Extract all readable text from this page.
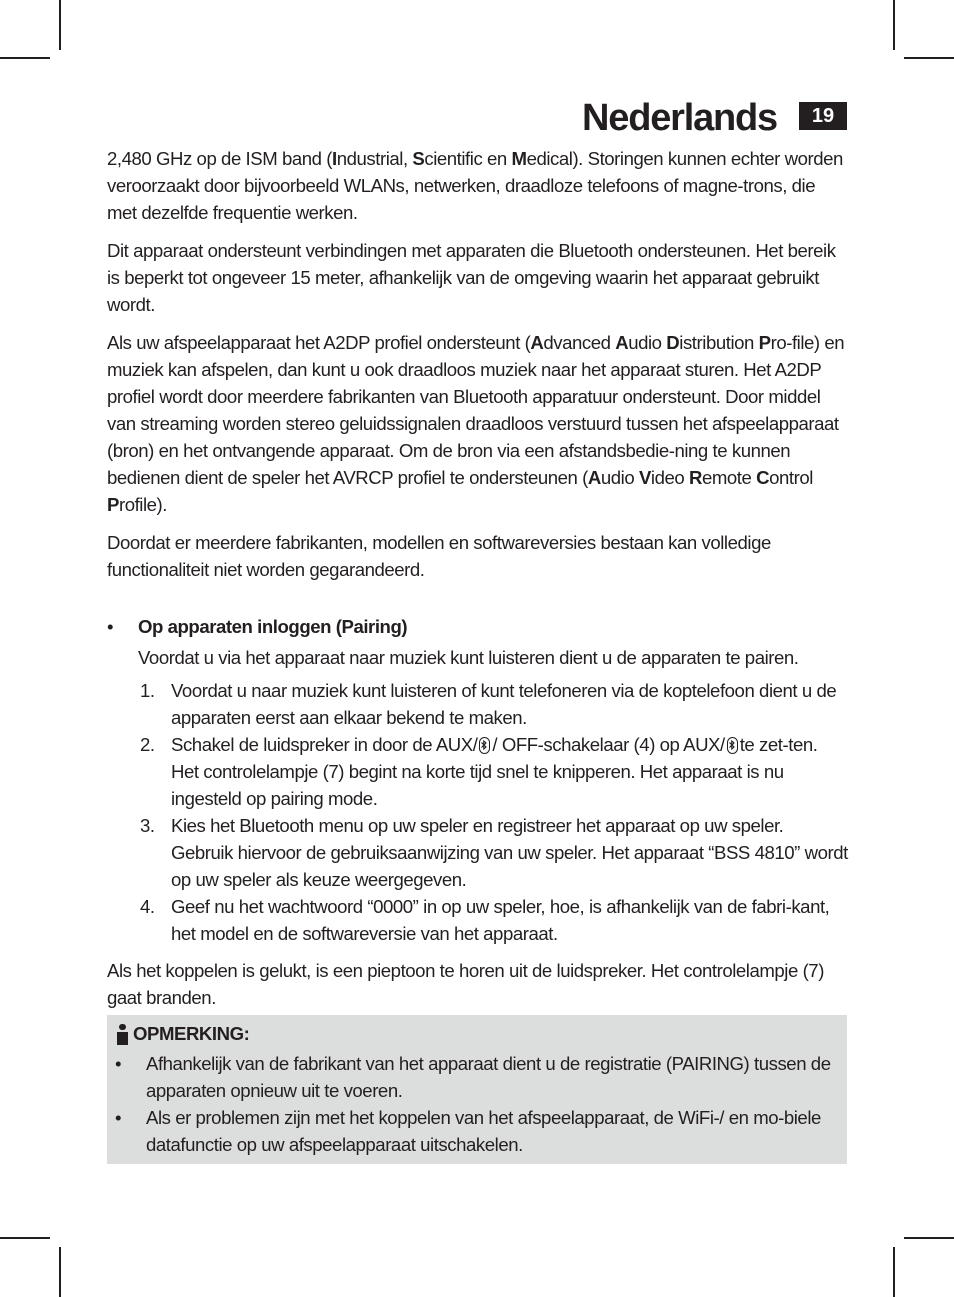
Nederlands	19

2,480 GHz op de ISM band (Industrial, Scientific en Medical). Storingen kunnen echter worden veroorzaakt door bijvoorbeeld WLANs, netwerken, draadloze telefoons of magne-trons, die met dezelfde frequentie werken.

Dit apparaat ondersteunt verbindingen met apparaten die Bluetooth ondersteunen. Het bereik is beperkt tot ongeveer 15 meter, afhankelijk van de omgeving waarin het apparaat gebruikt wordt.

Als uw afspeelapparaat het A2DP profiel ondersteunt (Advanced Audio Distribution Pro-file) en muziek kan afspelen, dan kunt u ook draadloos muziek naar het apparaat sturen. Het A2DP profiel wordt door meerdere fabrikanten van Bluetooth apparatuur ondersteunt. Door middel van streaming worden stereo geluidssignalen draadloos verstuurd tussen het afspeelapparaat (bron) en het ontvangende apparaat. Om de bron via een afstandsbedie-ning te kunnen bedienen dient de speler het AVRCP profiel te ondersteunen (Audio Video Remote Control Profile).

Doordat er meerdere fabrikanten, modellen en softwareversies bestaan kan volledige functionaliteit niet worden gegarandeerd.

•	Op apparaten inloggen (Pairing)
Voordat u via het apparaat naar muziek kunt luisteren dient u de apparaten te pairen.
1. Voordat u naar muziek kunt luisteren of kunt telefoneren via de koptelefoon dient u de apparaten eerst aan elkaar bekend te maken.
2. Schakel de luidspreker in door de AUX/ / OFF-schakelaar (4) op AUX/ te zet-ten. Het controlelampje (7) begint na korte tijd snel te knipperen. Het apparaat is nu ingesteld op pairing mode.
3. Kies het Bluetooth menu op uw speler en registreer het apparaat op uw speler. Gebruik hiervoor de gebruiksaanwijzing van uw speler. Het apparaat “BSS 4810” wordt op uw speler als keuze weergegeven.
4. Geef nu het wachtwoord “0000” in op uw speler, hoe, is afhankelijk van de fabri-kant, het model en de softwareversie van het apparaat.

Als het koppelen is gelukt, is een pieptoon te horen uit de luidspreker. Het controlelampje (7) gaat branden.

OPMERKING:
•	Afhankelijk van de fabrikant van het apparaat dient u de registratie (PAIRING) tussen de apparaten opnieuw uit te voeren.
•	Als er problemen zijn met het koppelen van het afspeelapparaat, de WiFi-/ en mo-biele datafunctie op uw afspeelapparaat uitschakelen.
